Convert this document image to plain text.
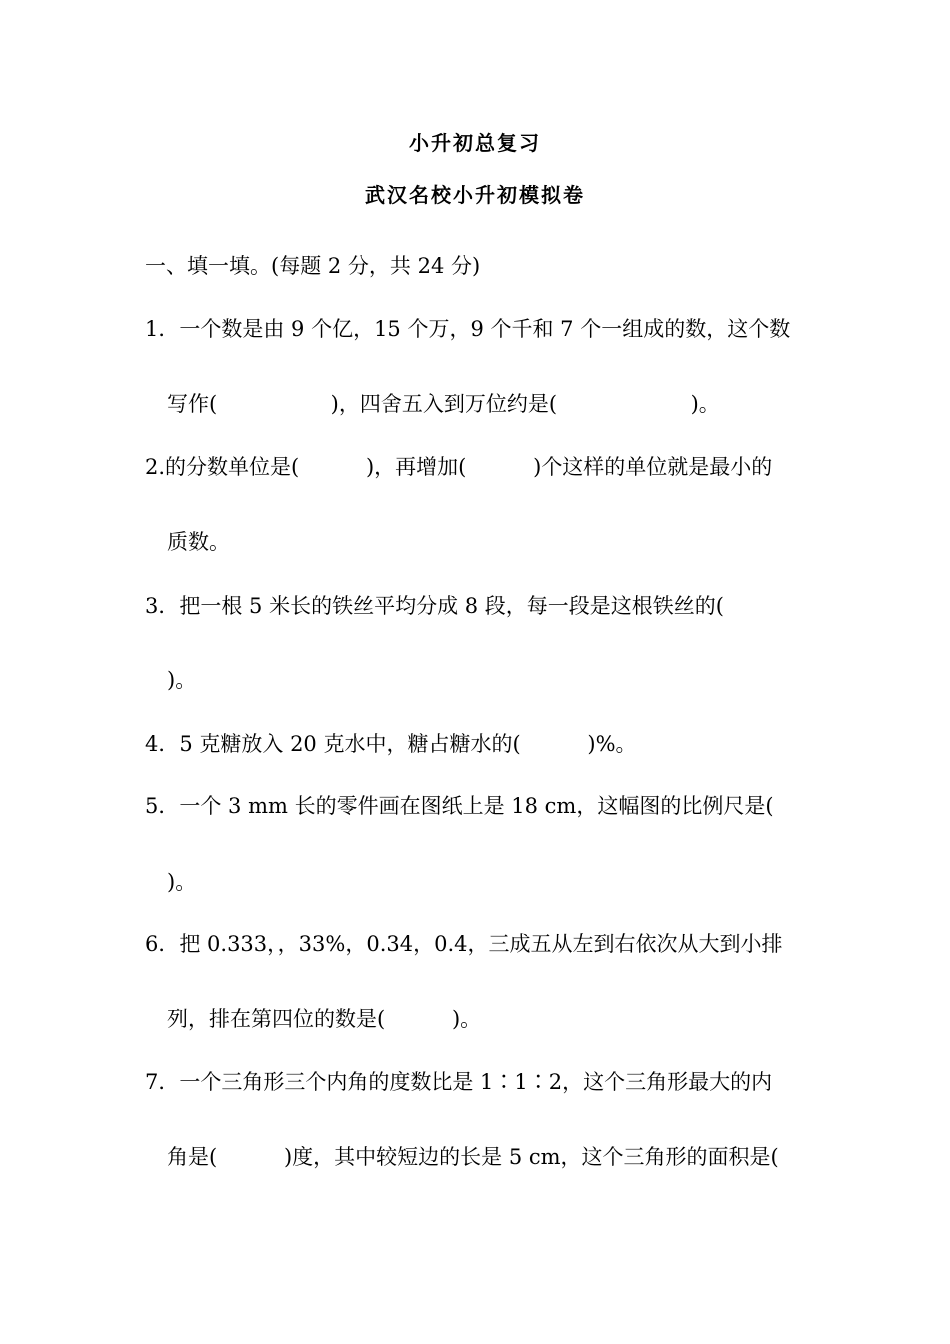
小升初总复习
武汉名校小升初模拟卷
一、填一填。(每题 2 分，共 24 分)
1．一个数是由 9 个亿，15 个万，9 个千和 7 个一组成的数，这个数
写作(                 )，四舍五入到万位约是(                    )。
2.的分数单位是(          )，再增加(          )个这样的单位就是最小的
质数。
3．把一根 5 米长的铁丝平均分成 8 段，每一段是这根铁丝的(
)。
4．5 克糖放入 20 克水中，糖占糖水的(          )%。
5．一个 3 mm 长的零件画在图纸上是 18 cm，这幅图的比例尺是(
)。
6．把 0.333，，33%，0.34，0.4，三成五从左到右依次从大到小排
列，排在第四位的数是(          )。
7．一个三角形三个内角的度数比是 1∶1∶2，这个三角形最大的内
角是(          )度，其中较短边的长是 5 cm，这个三角形的面积是(
